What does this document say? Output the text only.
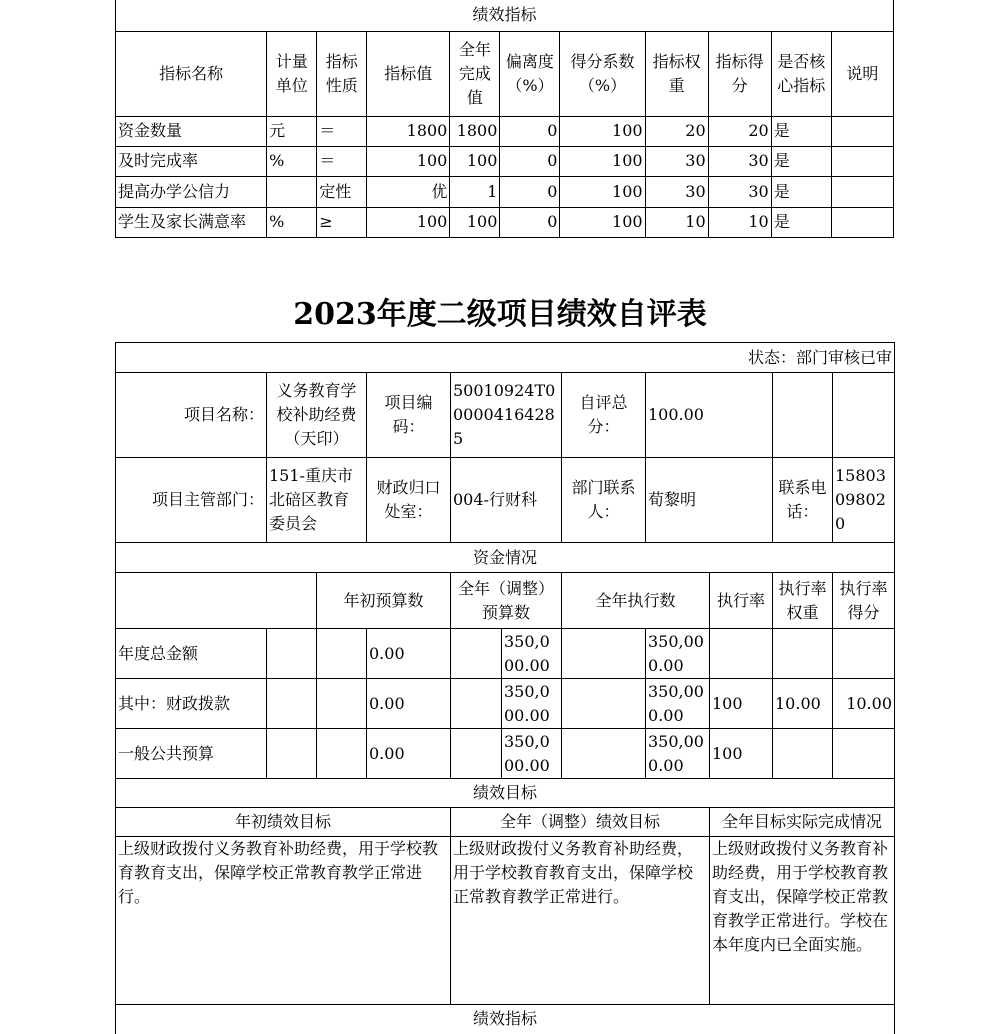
绩效指标										
指标名称	计量单位	指标性质	指标值	全年完成值	偏离度（%）	得分系数（%）	指标权重	指标得分	是否核心指标	说明
资金数量	元	＝	1800	1800	0	100	20	20	是	
及时完成率	%	＝	100	100	0	100	30	30	是	
提高办学公信力		定性	优	1	0	100	30	30	是	
学生及家长满意率	%	≥	100	100	0	100	10	10	是	
2023年度二级项目绩效自评表
状态：部门审核已审										
项目名称：	义务教育学校补助经费（天印）		项目编码：	50010924T000004164285		自评总分：	100.00			
项目主管部门：	151-重庆市北碚区教育委员会		财政归口处室：	004-行财科		部门联系人：	荀黎明		联系电话：	15803098020
资金情况										
		年初预算数		全年（调整）预算数		全年执行数		执行率	执行率权重	执行率得分
年度总金额			0.00		350,000.00		350,000.00			
其中：财政拨款			0.00		350,000.00		350,000.00	100	10.00	10.00
一般公共预算			0.00		350,000.00		350,000.00	100		
绩效目标										
年初绩效目标				全年（调整）绩效目标				全年目标实际完成情况		
上级财政拨付义务教育补助经费，用于学校教育教育支出，保障学校正常教育教学正常进行。				上级财政拨付义务教育补助经费，用于学校教育教育支出，保障学校正常教育教学正常进行。				上级财政拨付义务教育补助经费，用于学校教育教育支出，保障学校正常教育教学正常进行。学校在本年度内已全面实施。		
绩效指标										
